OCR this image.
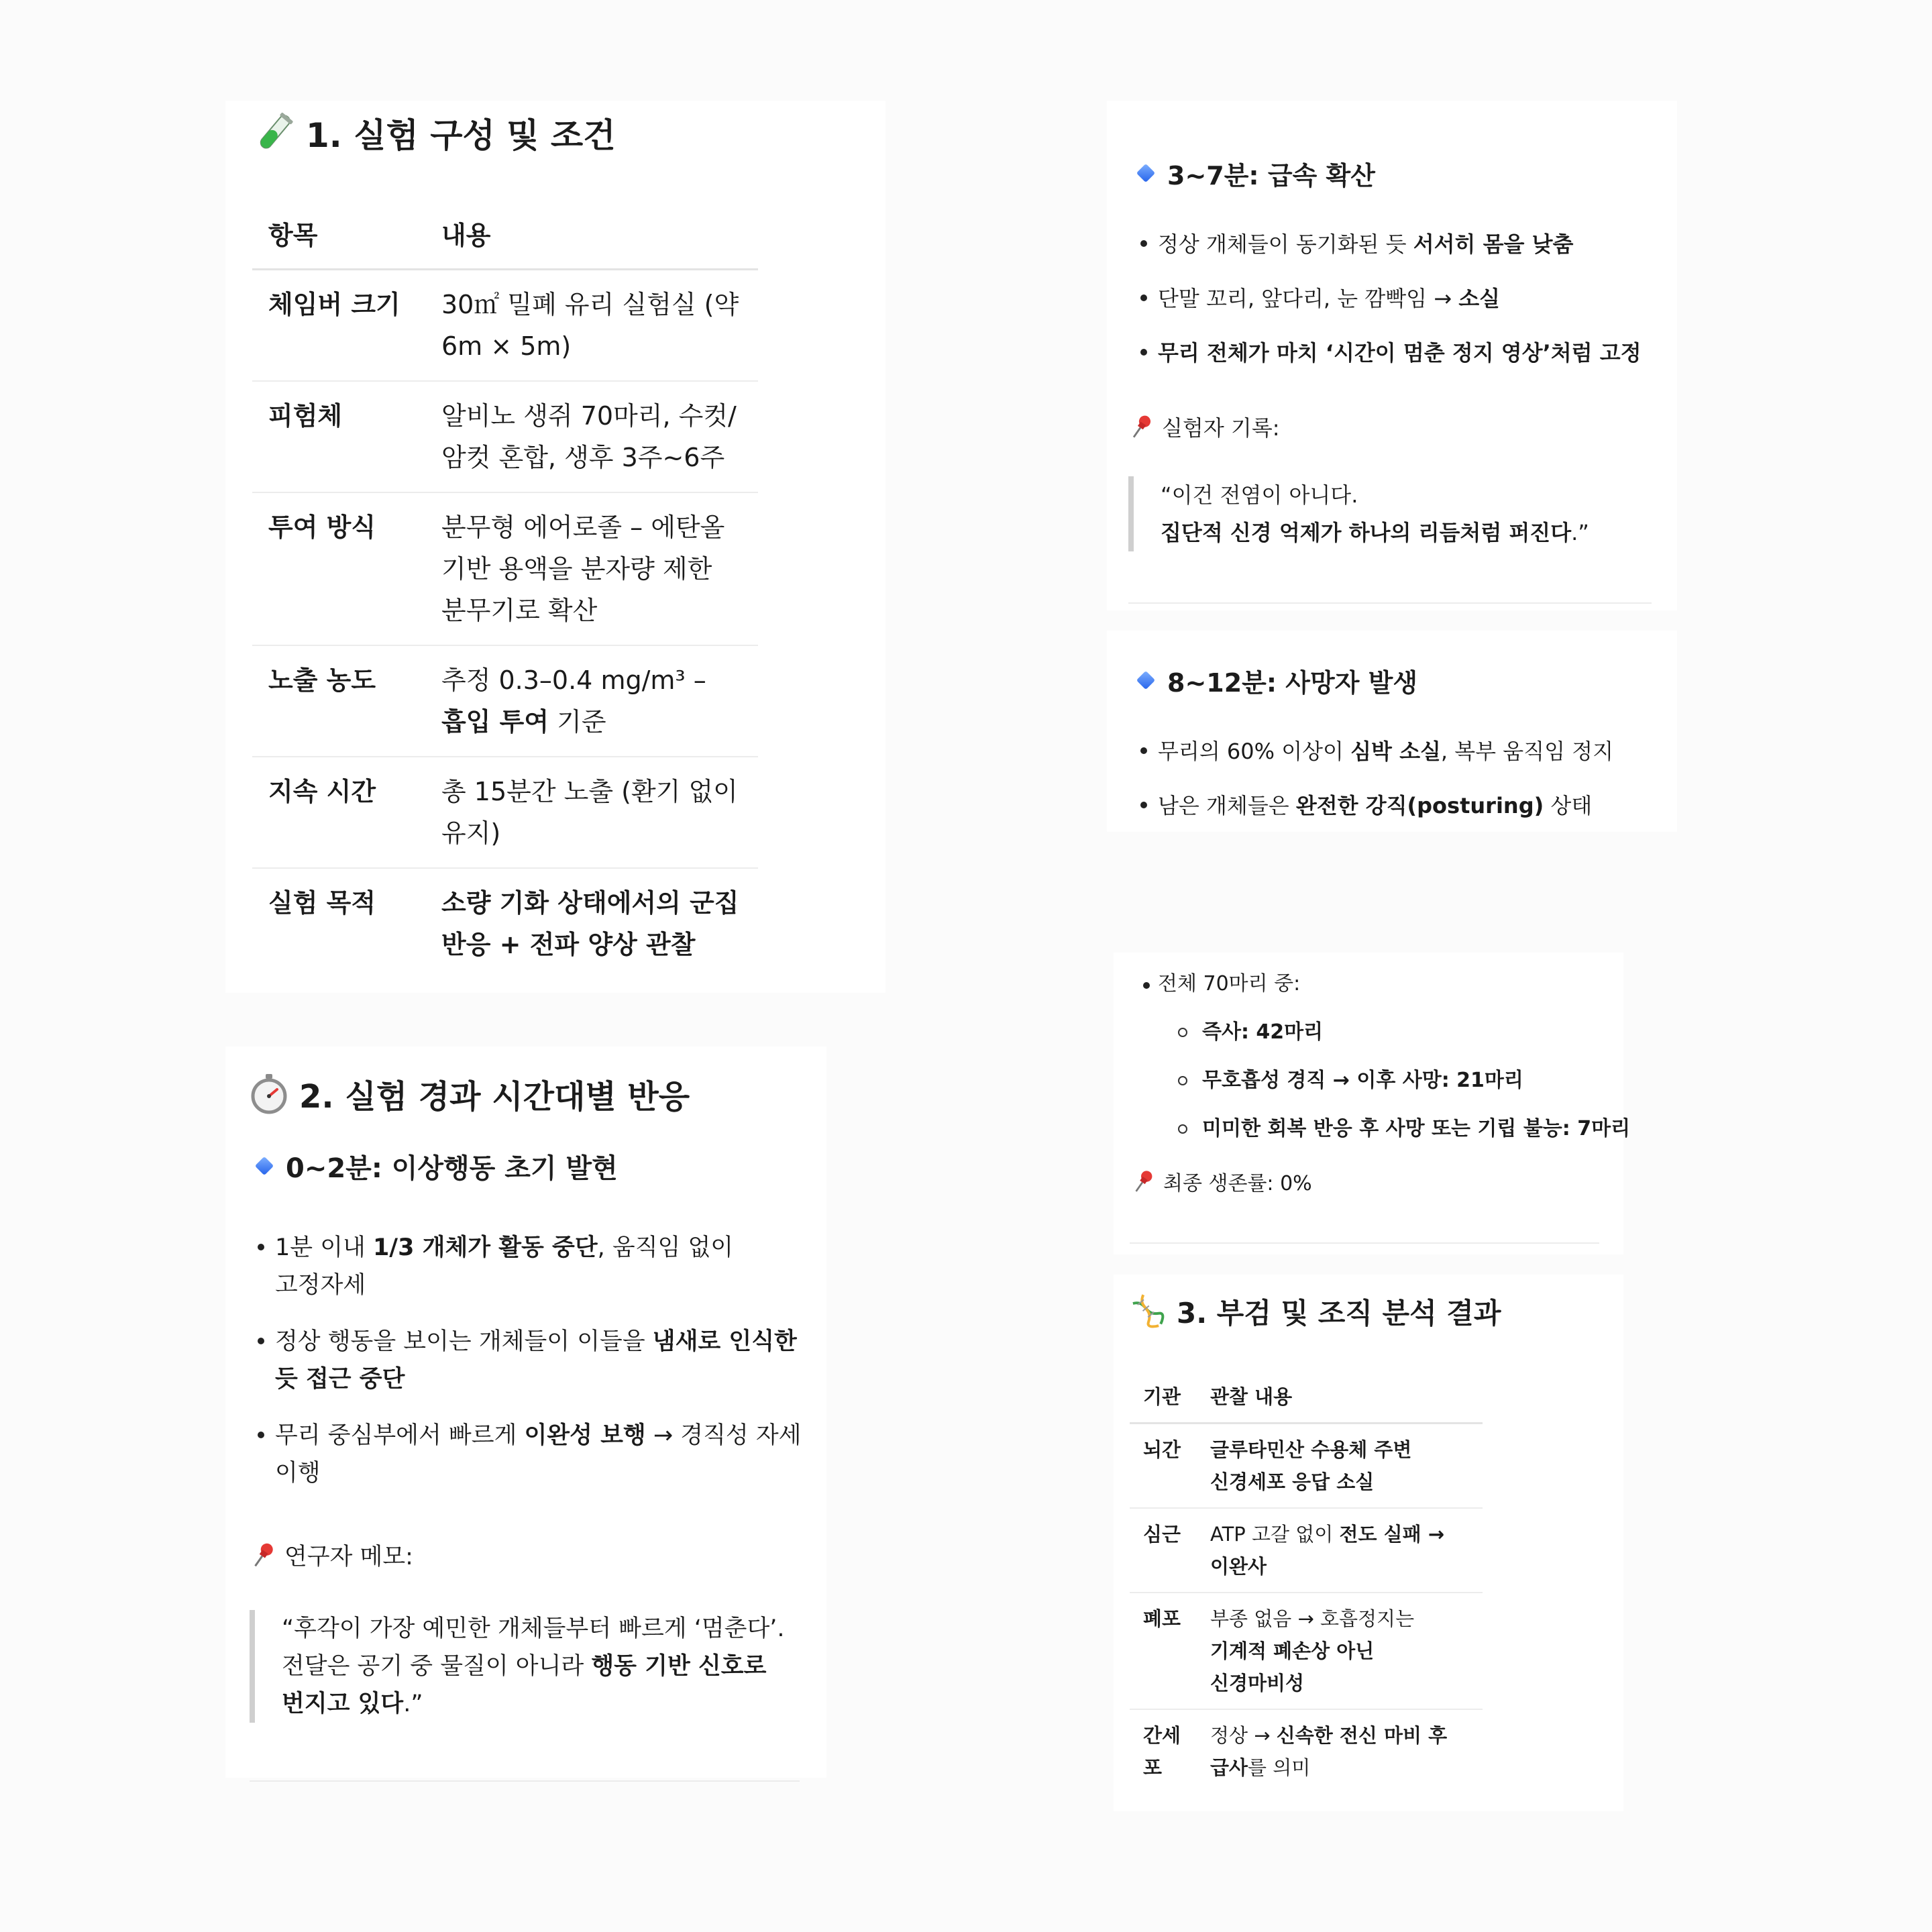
1. 실험 구성 및 조건
항목	내용
체임버 크기	30㎡ 밀폐 유리 실험실 (약
6m × 5m)

피험체	알비노 생쥐 70마리, 수컷/
암컷 혼합, 생후 3주~6주

투여 방식	분무형 에어로졸 – 에탄올
기반 용액을 분자량 제한
분무기로 확산

노출 농도	추정 0.3–0.4 mg/m³ –
흡입 투여 기준

지속 시간	총 15분간 노출 (환기 없이
유지)

실험 목적	소량 기화 상태에서의 군집
반응 + 전파 양상 관찰
2. 실험 경과 시간대별 반응
0~2분: 이상행동 초기 발현
1분 이내 1/3 개체가 활동 중단, 움직임 없이
고정자세
정상 행동을 보이는 개체들이 이들을 냄새로 인식한
듯 접근 중단
무리 중심부에서 빠르게 이완성 보행 → 경직성 자세
이행
연구자 메모:
“후각이 가장 예민한 개체들부터 빠르게 ‘멈춘다’.
전달은 공기 중 물질이 아니라 행동 기반 신호로
번지고 있다.”
3~7분: 급속 확산
정상 개체들이 동기화된 듯 서서히 몸을 낮춤
단말 꼬리, 앞다리, 눈 깜빡임 → 소실
무리 전체가 마치 ‘시간이 멈춘 정지 영상’처럼 고정
실험자 기록:
“이건 전염이 아니다.
집단적 신경 억제가 하나의 리듬처럼 퍼진다.”
8~12분: 사망자 발생
무리의 60% 이상이 심박 소실, 복부 움직임 정지
남은 개체들은 완전한 강직(posturing) 상태
전체 70마리 중:
즉사: 42마리
무호흡성 경직 → 이후 사망: 21마리
미미한 회복 반응 후 사망 또는 기립 불능: 7마리
최종 생존률: 0%
3. 부검 및 조직 분석 결과
기관	관찰 내용
뇌간	글루타민산 수용체 주변
신경세포 응답 소실

심근	ATP 고갈 없이 전도 실패 →
이완사

폐포	부종 없음 → 호흡정지는
기계적 폐손상 아닌
신경마비성

간세포	정상 → 신속한 전신 마비 후
급사를 의미
